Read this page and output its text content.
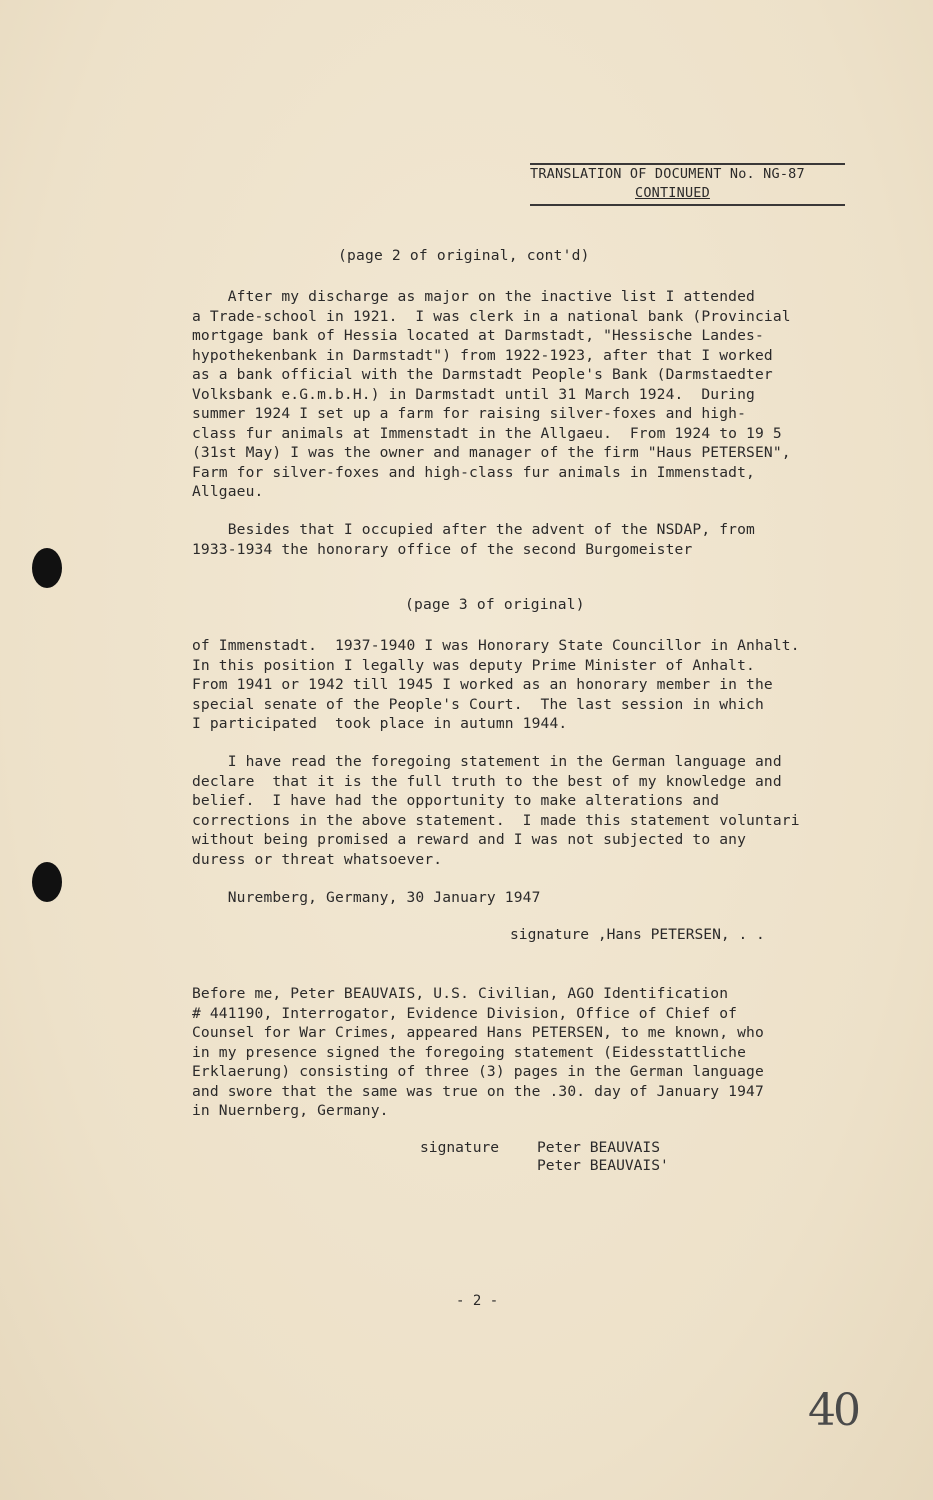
TRANSLATION OF DOCUMENT No. NG-87
CONTINUED
(page 2 of original, cont'd)
After my discharge as major on the inactive list I attended
a Trade-school in 1921.  I was clerk in a national bank (Provincial
mortgage bank of Hessia located at Darmstadt, "Hessische Landes-
hypothekenbank in Darmstadt") from 1922-1923, after that I worked
as a bank official with the Darmstadt People's Bank (Darmstaedter
Volksbank e.G.m.b.H.) in Darmstadt until 31 March 1924.  During
summer 1924 I set up a farm for raising silver-foxes and high-
class fur animals at Immenstadt in the Allgaeu.  From 1924 to 19 5
(31st May) I was the owner and manager of the firm "Haus PETERSEN",
Farm for silver-foxes and high-class fur animals in Immenstadt,
Allgaeu.
Besides that I occupied after the advent of the NSDAP, from
1933-1934 the honorary office of the second Burgomeister
(page 3 of original)
of Immenstadt.  1937-1940 I was Honorary State Councillor in Anhalt.
In this position I legally was deputy Prime Minister of Anhalt.
From 1941 or 1942 till 1945 I worked as an honorary member in the
special senate of the People's Court.  The last session in which
I participated  took place in autumn 1944.
I have read the foregoing statement in the German language and
declare  that it is the full truth to the best of my knowledge and
belief.  I have had the opportunity to make alterations and
corrections in the above statement.  I made this statement voluntari
without being promised a reward and I was not subjected to any
duress or threat whatsoever.
Nuremberg, Germany, 30 January 1947
signature ,Hans PETERSEN, . .
Before me, Peter BEAUVAIS, U.S. Civilian, AGO Identification
# 441190, Interrogator, Evidence Division, Office of Chief of
Counsel for War Crimes, appeared Hans PETERSEN, to me known, who
in my presence signed the foregoing statement (Eidesstattliche
Erklaerung) consisting of three (3) pages in the German language
and swore that the same was true on the .30. day of January 1947
in Nuernberg, Germany.
signature	Peter BEAUVAIS
Peter BEAUVAIS'
- 2 -
40
